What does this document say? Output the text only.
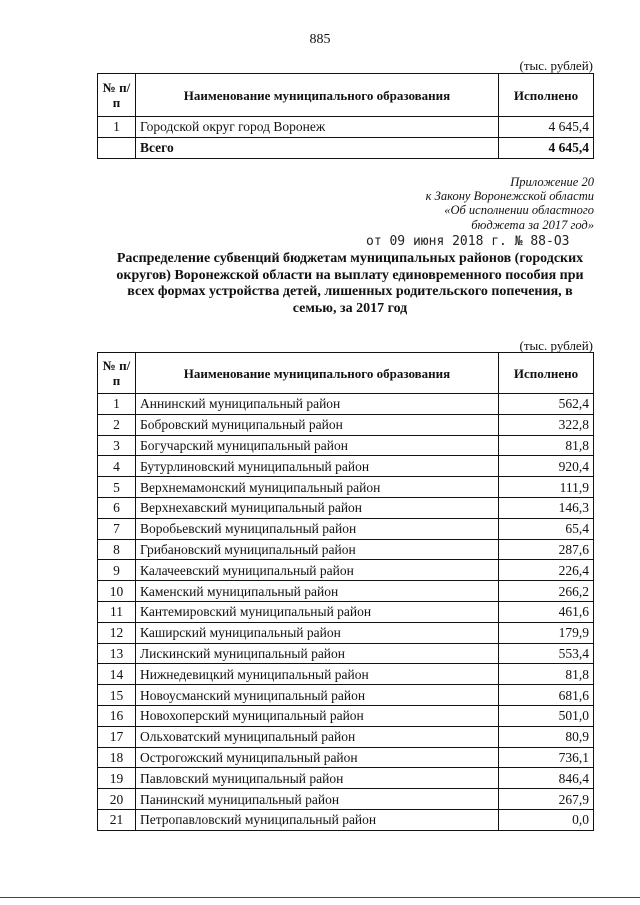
885
(тыс. рублей)
№ п/п	Наименование муниципального образования	Исполнено
1	Городской округ город Воронеж	4 645,4
	Всего	4 645,4
Приложение 20
к Закону Воронежской области
«Об исполнении областного
бюджета за 2017 год»
от 09 июня 2018 г. № 88-ОЗ
Распределение субвенций бюджетам муниципальных районов (городских округов) Воронежской области на выплату единовременного пособия при всех формах устройства детей, лишенных родительского попечения, в семью, за 2017 год
(тыс. рублей)
№ п/п	Наименование муниципального образования	Исполнено
1	Аннинский муниципальный район	562,4
2	Бобровский муниципальный район	322,8
3	Богучарский муниципальный район	81,8
4	Бутурлиновский муниципальный район	920,4
5	Верхнемамонский муниципальный район	111,9
6	Верхнехавский муниципальный район	146,3
7	Воробьевский муниципальный район	65,4
8	Грибановский муниципальный район	287,6
9	Калачеевский муниципальный район	226,4
10	Каменский муниципальный район	266,2
11	Кантемировский муниципальный район	461,6
12	Каширский муниципальный район	179,9
13	Лискинский муниципальный район	553,4
14	Нижнедевицкий муниципальный район	81,8
15	Новоусманский муниципальный район	681,6
16	Новохоперский муниципальный район	501,0
17	Ольховатский муниципальный район	80,9
18	Острогожский муниципальный район	736,1
19	Павловский муниципальный район	846,4
20	Панинский муниципальный район	267,9
21	Петропавловский муниципальный район	0,0
